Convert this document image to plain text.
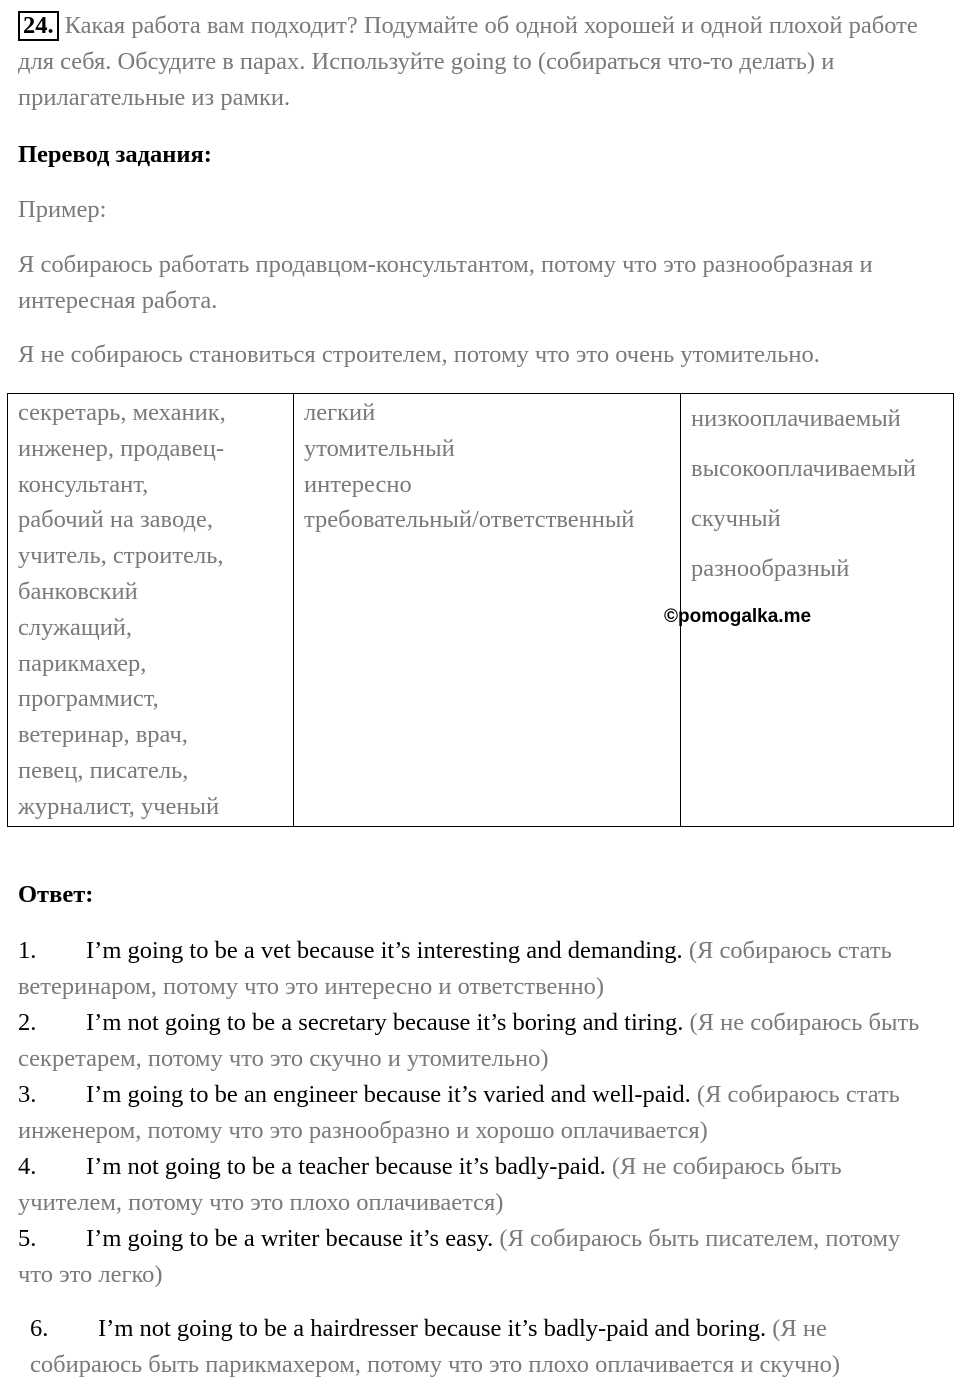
24. Какая работа вам подходит? Подумайте об одной хорошей и одной плохой работе для себя. Обсудите в парах. Используйте going to (собираться что-то делать) и прилагательные из рамки.
Перевод задания:
Пример:
Я собираюсь работать продавцом-консультантом, потому что это разнообразная и интересная работа.
Я не собираюсь становиться строителем, потому что это очень утомительно.
секретарь, механик,
инженер, продавец-
консультант,
рабочий на заводе,
учитель, строитель,
банковский
служащий,
парикмахер,
программист,
ветеринар, врач,
певец, писатель,
журналист, ученый

легкий
утомительный
интересно
требовательный/ответственный

низкооплачиваемый
высокооплачиваемый
скучный
разнообразный
©pomogalka.me
Ответ:

1. I’m going to be a vet because it’s interesting and demanding. (Я собираюсь стать ветеринаром, потому что это интересно и ответственно)

2. I’m not going to be a secretary because it’s boring and tiring. (Я не собираюсь быть секретарем, потому что это скучно и утомительно)

3. I’m going to be an engineer because it’s varied and well-paid. (Я собираюсь стать инженером, потому что это разнообразно и хорошо оплачивается)

4. I’m not going to be a teacher because it’s badly-paid. (Я не собираюсь быть учителем, потому что это плохо оплачивается)

5. I’m going to be a writer because it’s easy. (Я собираюсь быть писателем, потому что это легко)

6. I’m not going to be a hairdresser because it’s badly-paid and boring. (Я не собираюсь быть парикмахером, потому что это плохо оплачивается и скучно)
